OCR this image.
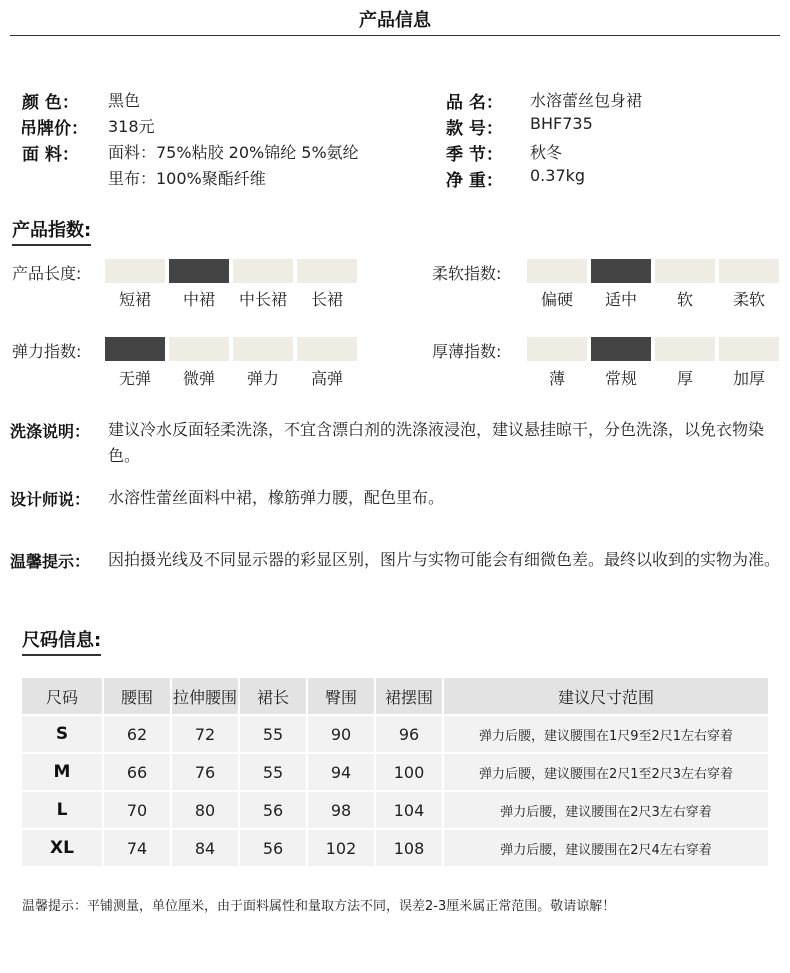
产品信息
颜 色： 黑色
吊牌价： 318元
面 料： 面料：75%粘胶 20%锦纶 5%氨纶
里布：100%聚酯纤维
品 名： 水溶蕾丝包身裙
款 号： BHF735
季 节： 秋冬
净 重： 0.37kg
产品指数:
产品长度:
短裙	中裙	中长裙	长裙
柔软指数:
偏硬	适中	软	柔软
弹力指数:
无弹	微弹	弹力	高弹
厚薄指数:
薄	常规	厚	加厚
洗涤说明： 建议冷水反面轻柔洗涤，不宜含漂白剂的洗涤液浸泡，建议悬挂晾干，分色洗涤，以免衣物染色。
设计师说： 水溶性蕾丝面料中裙，橡筋弹力腰，配色里布。
温馨提示： 因拍摄光线及不同显示器的彩显区别，图片与实物可能会有细微色差。最终以收到的实物为准。
尺码信息:
尺码	腰围	拉伸腰围	裙长	臀围	裙摆围	建议尺寸范围
S	62	72	55	90	96	弹力后腰，建议腰围在1尺9至2尺1左右穿着
M	66	76	55	94	100	弹力后腰，建议腰围在2尺1至2尺3左右穿着
L	70	80	56	98	104	弹力后腰，建议腰围在2尺3左右穿着
XL	74	84	56	102	108	弹力后腰，建议腰围在2尺4左右穿着
温馨提示：平铺测量，单位厘米，由于面料属性和量取方法不同，误差2-3厘米属正常范围。敬请谅解！
